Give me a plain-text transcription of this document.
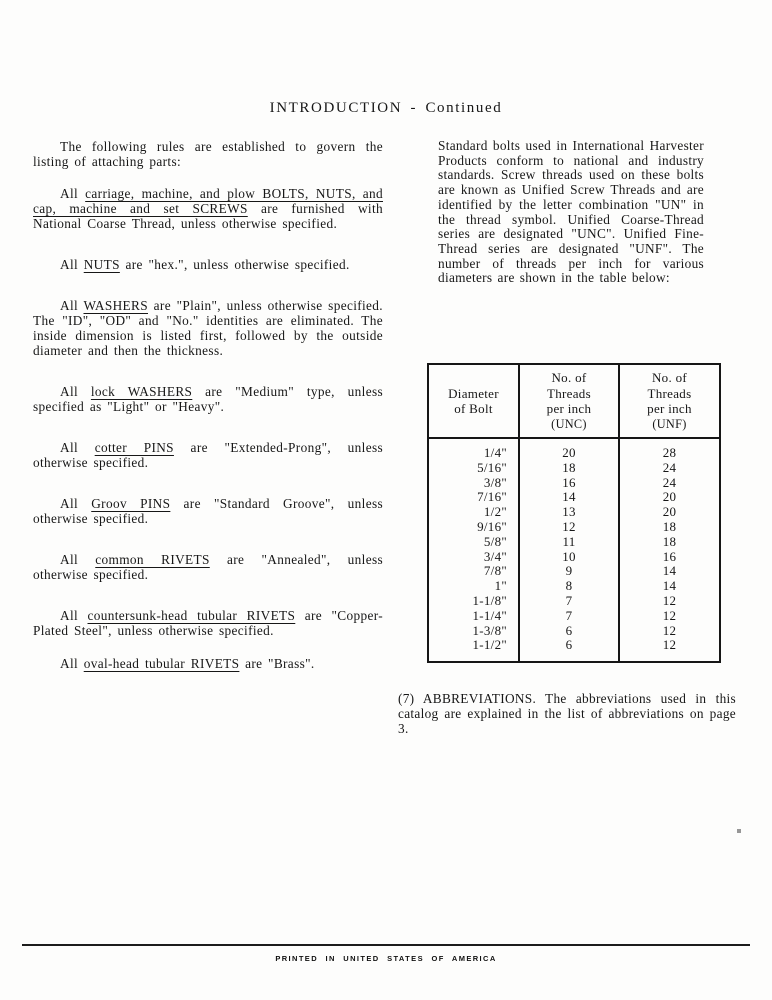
INTRODUCTION - Continued

The following rules are established to govern the listing of attaching parts:

All carriage, machine, and plow BOLTS, NUTS, and cap, machine and set SCREWS are furnished with National Coarse Thread, unless otherwise specified.

All NUTS are "hex.", unless otherwise specified.

All WASHERS are "Plain", unless otherwise specified. The "ID", "OD" and "No." identities are eliminated. The inside dimension is listed first, followed by the outside diameter and then the thickness.

All lock WASHERS are "Medium" type, unless specified as "Light" or "Heavy".

All cotter PINS are "Extended-Prong", unless otherwise specified.

All Groov PINS are "Standard Groove", unless otherwise specified.

All common RIVETS are "Annealed", unless otherwise specified.

All countersunk-head tubular RIVETS are "Copper-Plated Steel", unless otherwise specified.

All oval-head tubular RIVETS are "Brass".

Standard bolts used in International Harvester Products conform to national and industry standards. Screw threads used on these bolts are known as Unified Screw Threads and are identified by the letter combination "UN" in the thread symbol. Unified Coarse-Thread series are designated "UNC". Unified Fine-Thread series are designated "UNF". The number of threads per inch for various diameters are shown in the table below:
Diameter
of Bolt

No. of
Threads
per inch
(UNC)

No. of
Threads
per inch
(UNF)

1/4"	20	28
5/16"	18	24
3/8"	16	24
7/16"	14	20
1/2"	13	20
9/16"	12	18
5/8"	11	18
3/4"	10	16
7/8"	9	14
1"	8	14
1-1/8"	7	12
1-1/4"	7	12
1-3/8"	6	12
1-1/2"	6	12
(7) ABBREVIATIONS. The abbreviations used in this catalog are explained in the list of abbreviations on page 3.
PRINTED IN UNITED STATES OF AMERICA
